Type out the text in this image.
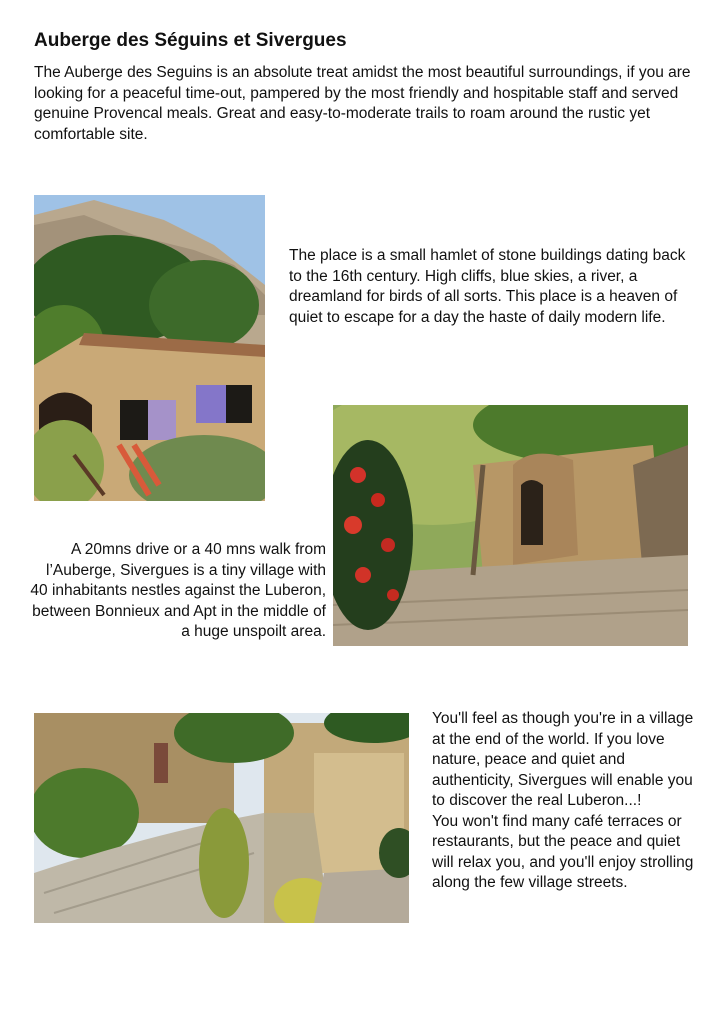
Auberge des Séguins et Sivergues

The Auberge des Seguins is an absolute treat amidst the most beautiful surroundings, if you are looking for a peaceful time-out, pampered by the most friendly and hospitable staff and served genuine Provencal meals. Great and easy-to-moderate trails to roam around the rustic yet comfortable site.

The place is a small hamlet of stone buildings dating back to the 16th century. High cliffs, blue skies, a river, a dreamland for birds of all sorts. This place is a heaven of quiet to escape for a day the haste of daily modern life.

A 20mns drive or a 40 mns walk from l’Auberge, Sivergues is a tiny village with 40 inhabitants nestles against the Luberon, between Bonnieux and Apt in the middle of a huge unspoilt area.

You'll feel as though you're in a village at the end of the world. If you love nature, peace and quiet and authenticity, Sivergues will enable you to discover the real Luberon...!
You won't find many café terraces or restaurants, but the peace and quiet will relax you, and you'll enjoy strolling along the few village streets.
